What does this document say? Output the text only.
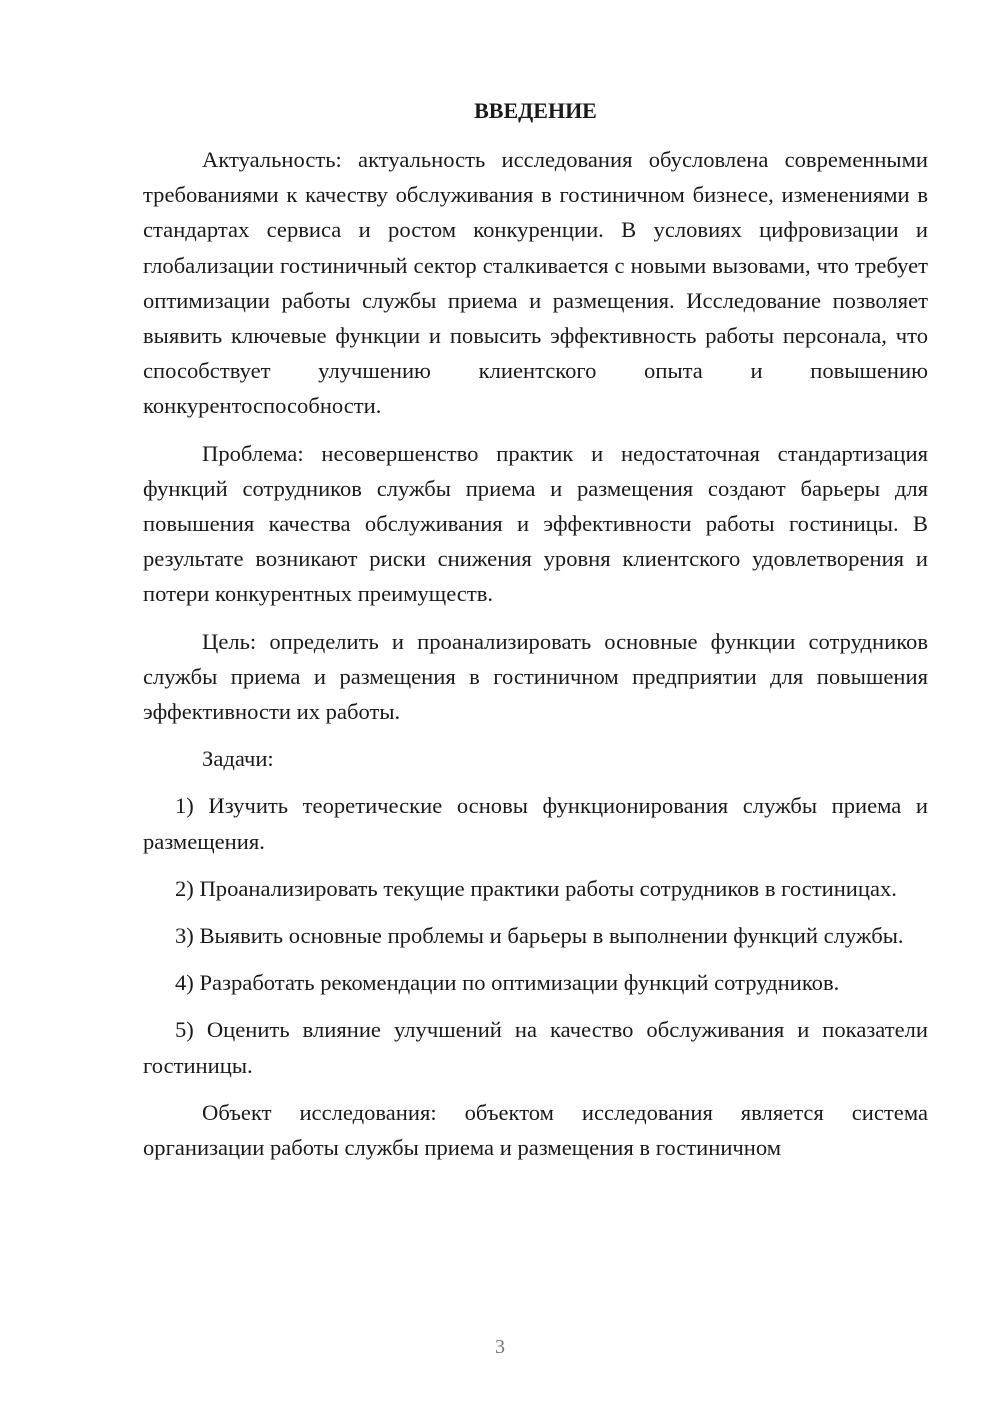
ВВЕДЕНИЕ

Актуальность: актуальность исследования обусловлена современными требованиями к качеству обслуживания в гостиничном бизнесе, изменениями в стандартах сервиса и ростом конкуренции. В условиях цифровизации и глобализации гостиничный сектор сталкивается с новыми вызовами, что требует оптимизации работы службы приема и размещения. Исследование позволяет выявить ключевые функции и повысить эффективность работы персонала, что способствует улучшению клиентского опыта и повышению конкурентоспособности.

Проблема: несовершенство практик и недостаточная стандартизация функций сотрудников службы приема и размещения создают барьеры для повышения качества обслуживания и эффективности работы гостиницы. В результате возникают риски снижения уровня клиентского удовлетворения и потери конкурентных преимуществ.

Цель: определить и проанализировать основные функции сотрудников службы приема и размещения в гостиничном предприятии для повышения эффективности их работы.

Задачи:

1) Изучить теоретические основы функционирования службы приема и размещения.

2) Проанализировать текущие практики работы сотрудников в гостиницах.

3) Выявить основные проблемы и барьеры в выполнении функций службы.

4) Разработать рекомендации по оптимизации функций сотрудников.

5) Оценить влияние улучшений на качество обслуживания и показатели гостиницы.

Объект исследования: объектом исследования является система организации работы службы приема и размещения в гостиничном

3
